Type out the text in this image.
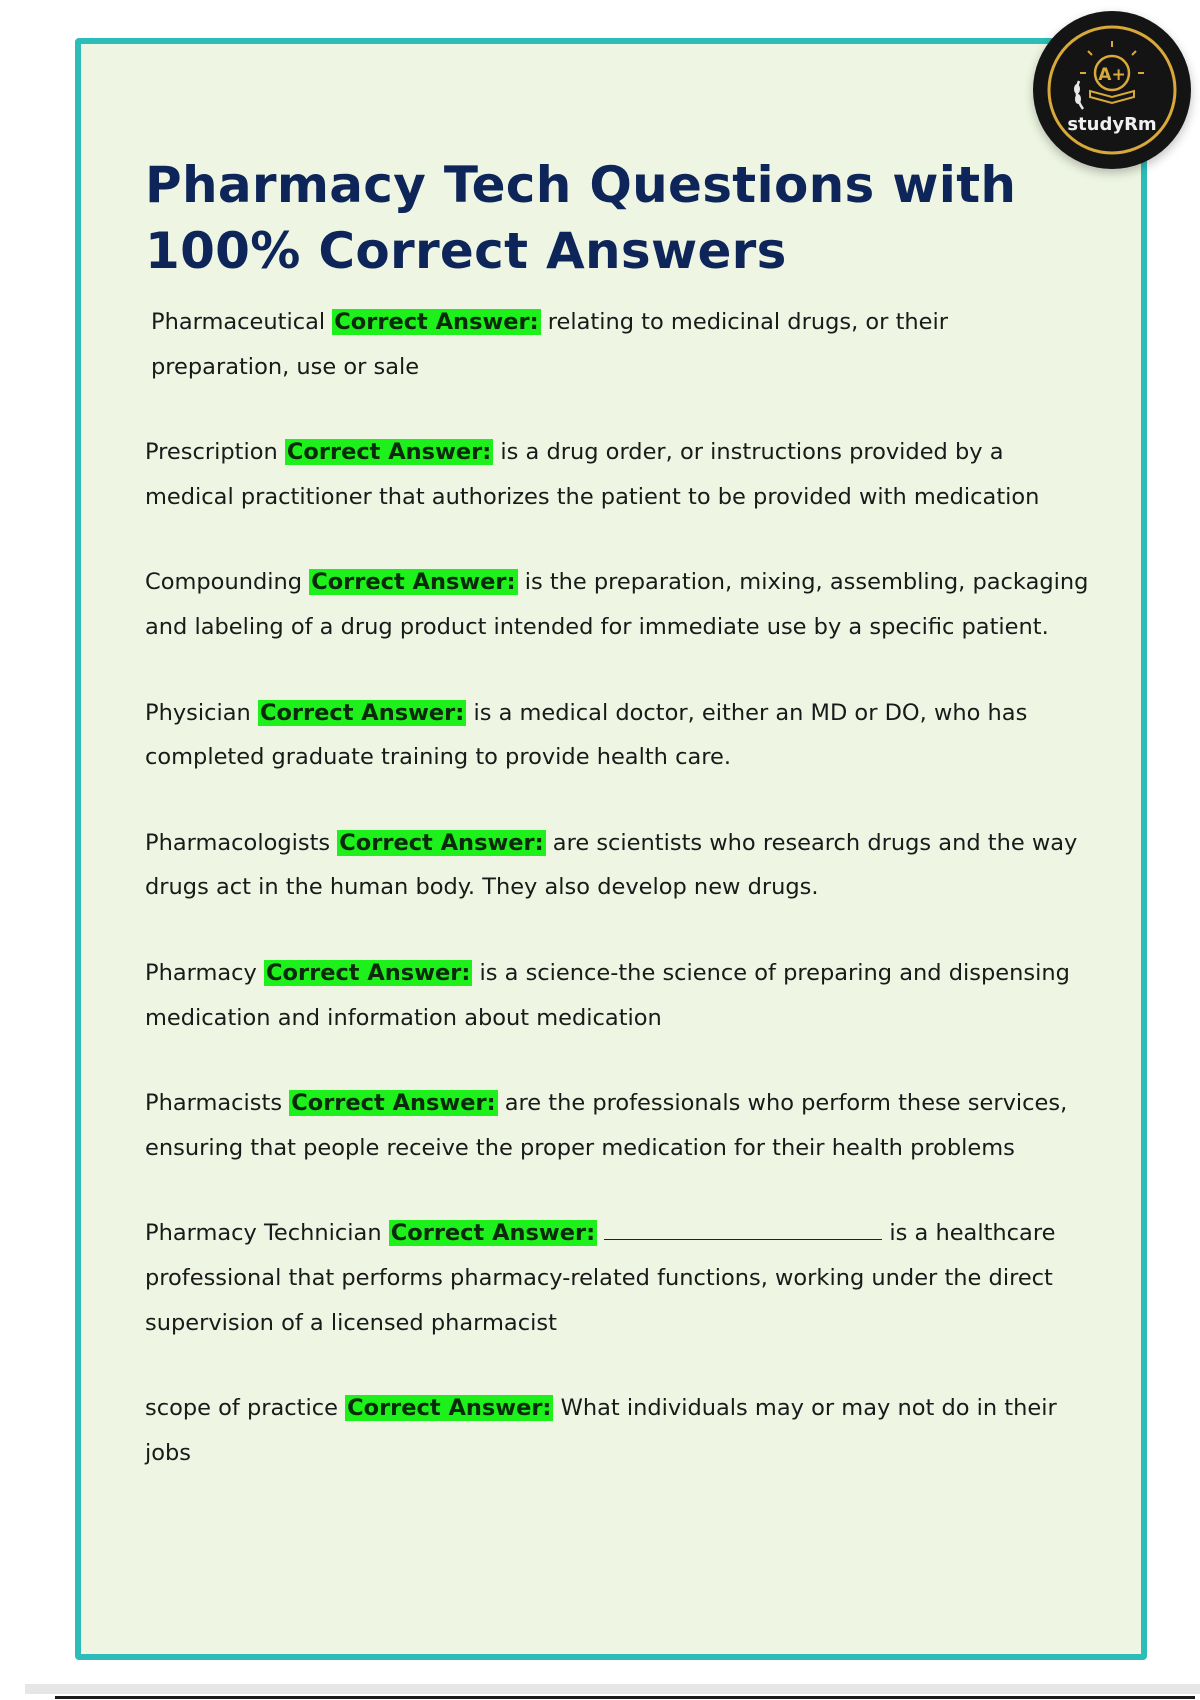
Pharmacy Tech Questions with 100% Correct Answers

Pharmaceutical Correct Answer: relating to medicinal drugs, or their preparation, use or sale

Prescription Correct Answer: is a drug order, or instructions provided by a medical practitioner that authorizes the patient to be provided with medication

Compounding Correct Answer: is the preparation, mixing, assembling, packaging and labeling of a drug product intended for immediate use by a specific patient.

Physician Correct Answer: is a medical doctor, either an MD or DO, who has completed graduate training to provide health care.

Pharmacologists Correct Answer: are scientists who research drugs and the way drugs act in the human body. They also develop new drugs.

Pharmacy Correct Answer: is a science-the science of preparing and dispensing medication and information about medication

Pharmacists Correct Answer: are the professionals who perform these services, ensuring that people receive the proper medication for their health problems

Pharmacy Technician Correct Answer:	is a healthcare professional that performs pharmacy-related functions, working under the direct supervision of a licensed pharmacist

scope of practice Correct Answer: What individuals may or may not do in their jobs

A+
studyRm
